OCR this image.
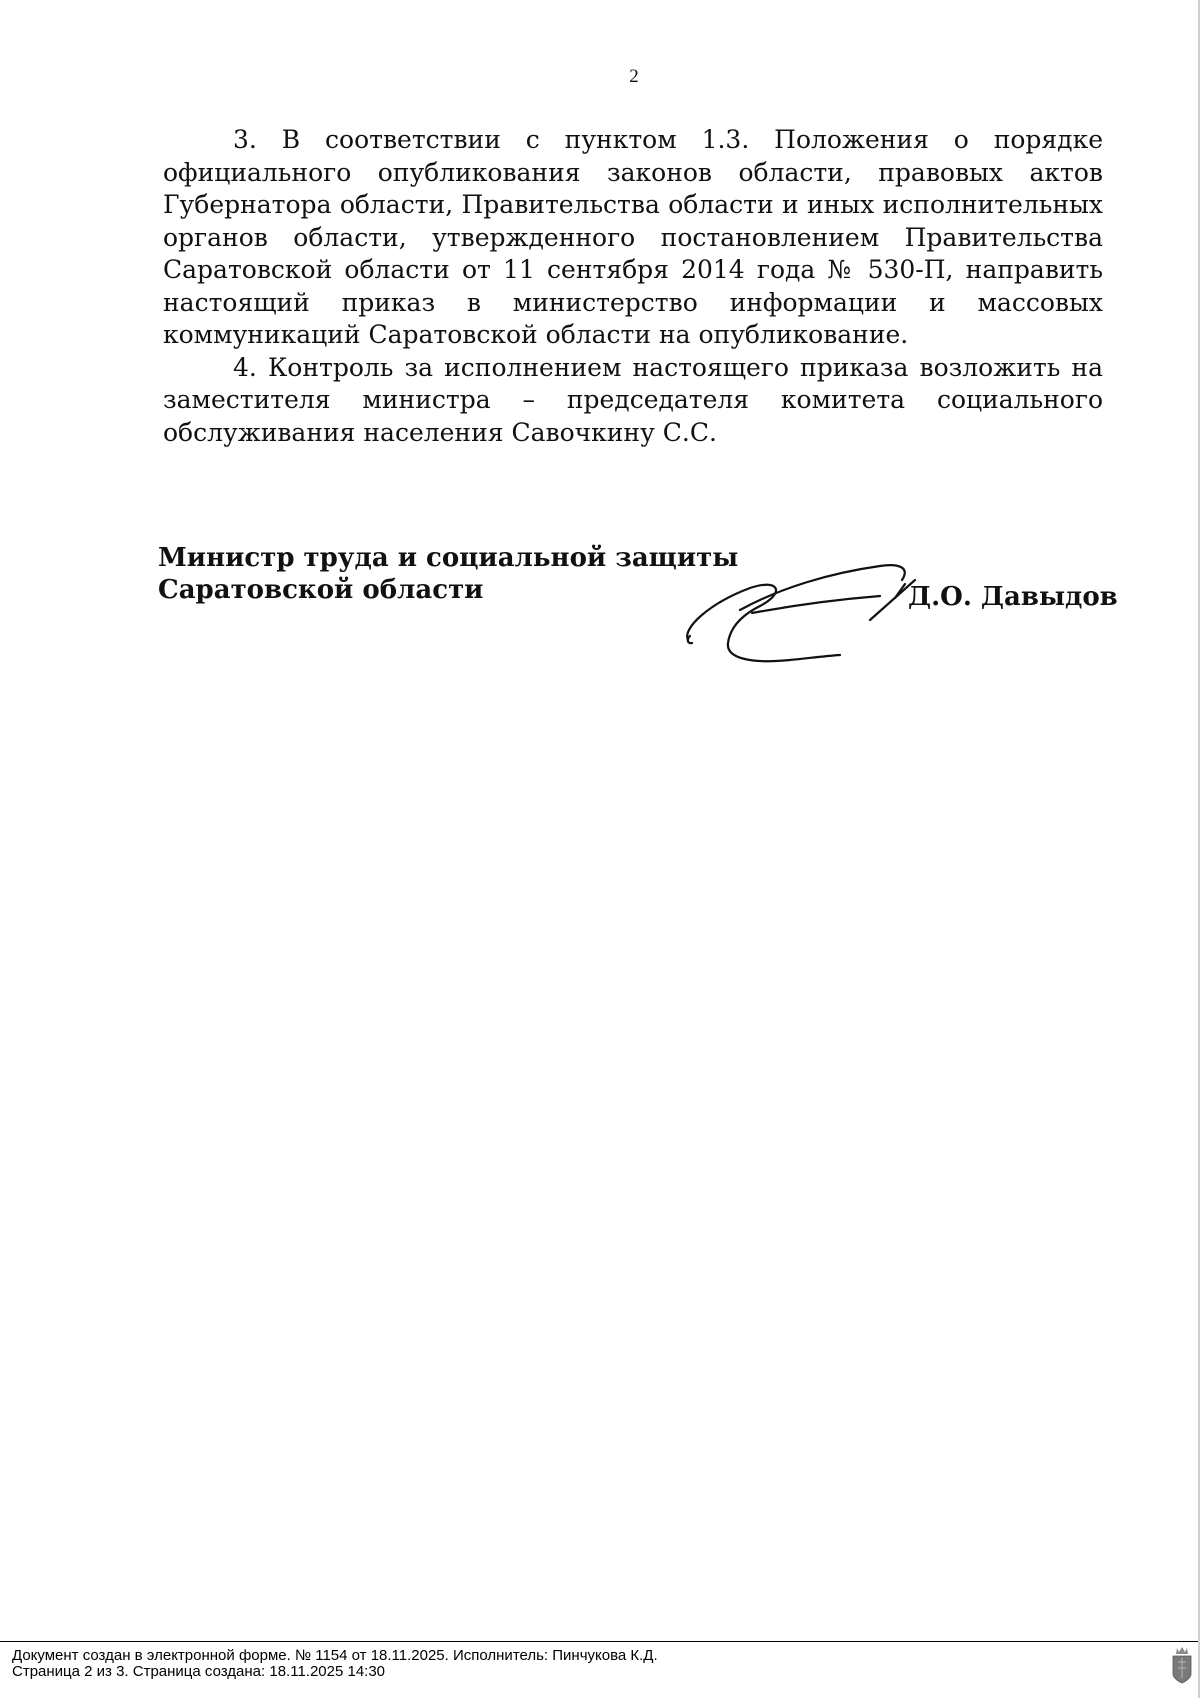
2

3. В соответствии с пунктом 1.3. Положения о порядке официального опубликования законов области, правовых актов Губернатора области, Правительства области и иных исполнительных органов области, утвержденного постановлением Правительства Саратовской области от 11 сентября 2014 года № 530-П, направить настоящий приказ в министерство информации и массовых коммуникаций Саратовской области на опубликование.

4. Контроль за исполнением настоящего приказа возложить на заместителя министра – председателя комитета социального обслуживания населения Савочкину С.С.

Министр труда и социальной защиты
Саратовской области	Д.О. Давыдов
Документ создан в электронной форме. № 1154 от 18.11.2025. Исполнитель: Пинчукова К.Д.
Страница 2 из 3. Страница создана: 18.11.2025 14:30
